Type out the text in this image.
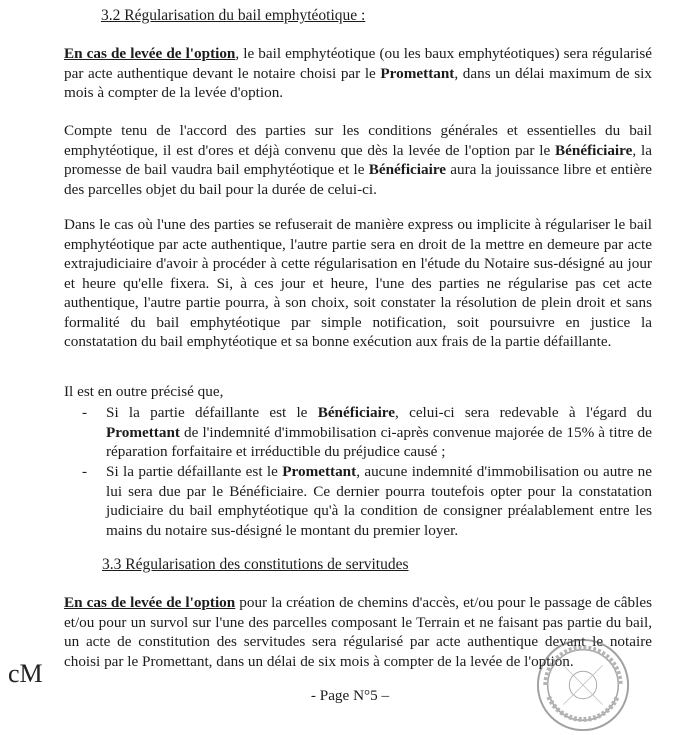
3.2 Régularisation du bail emphytéotique :
En cas de levée de l'option, le bail emphytéotique (ou les baux emphytéotiques) sera régularisé par acte authentique devant le notaire choisi par le Promettant, dans un délai maximum de six mois à compter de la levée d'option.
Compte tenu de l'accord des parties sur les conditions générales et essentielles du bail emphytéotique, il est d'ores et déjà convenu que dès la levée de l'option par le Bénéficiaire, la promesse de bail vaudra bail emphytéotique et le Bénéficiaire aura la jouissance libre et entière des parcelles objet du bail pour la durée de celui-ci.
Dans le cas où l'une des parties se refuserait de manière express ou implicite à régulariser le bail emphytéotique par acte authentique, l'autre partie sera en droit de la mettre en demeure par acte extrajudiciaire d'avoir à procéder à cette régularisation en l'étude du Notaire sus-désigné au jour et heure qu'elle fixera. Si, à ces jour et heure, l'une des parties ne régularise pas cet acte authentique, l'autre partie pourra, à son choix, soit constater la résolution de plein droit et sans formalité du bail emphytéotique par simple notification, soit poursuivre en justice la constatation du bail emphytéotique et sa bonne exécution aux frais de la partie défaillante.
Il est en outre précisé que,
-	Si la partie défaillante est le Bénéficiaire, celui-ci sera redevable à l'égard du Promettant de l'indemnité d'immobilisation ci-après convenue majorée de 15% à titre de réparation forfaitaire et irréductible du préjudice causé ;
-	Si la partie défaillante est le Promettant, aucune indemnité d'immobilisation ou autre ne lui sera due par le Bénéficiaire. Ce dernier pourra toutefois opter pour la constatation judiciaire du bail emphytéotique qu'à la condition de consigner préalablement entre les mains du notaire sus-désigné le montant du premier loyer.
3.3 Régularisation des constitutions de servitudes
En cas de levée de l'option pour la création de chemins d'accès, et/ou pour le passage de câbles et/ou pour un survol sur l'une des parcelles composant le Terrain et ne faisant pas partie du bail, un acte de constitution des servitudes sera régularisé par acte authentique devant le notaire choisi par le Promettant, dans un délai de six mois à compter de la levée de l'option.
- Page N°5 –
cM
